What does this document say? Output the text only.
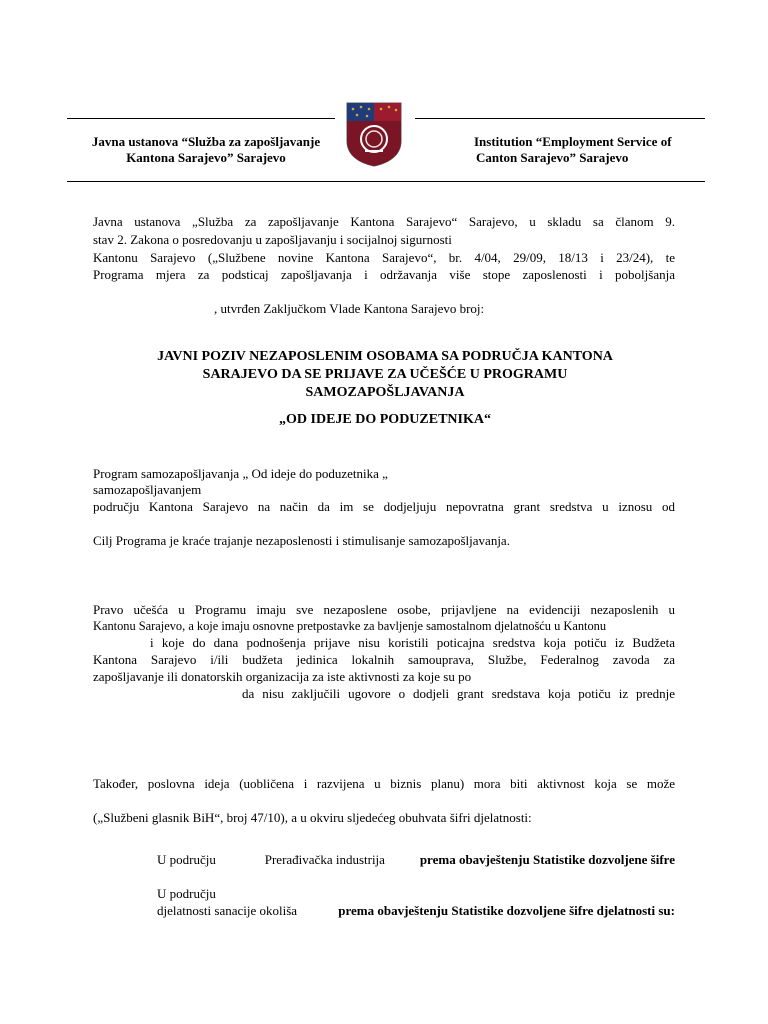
Javna ustanova “Služba za zapošljavanje
Kantona Sarajevo” Sarajevo
Institution “Employment Service of
Canton Sarajevo” Sarajevo
Javna ustanova „Služba za zapošljavanje Kantona Sarajevo“ Sarajevo, u skladu sa članom 9.
stav 2. Zakona o posredovanju u zapošljavanju i socijalnoj sigurnosti
Kantonu Sarajevo („Službene novine Kantona Sarajevo“, br. 4/04, 29/09, 18/13 i 23/24), te
Programa mjera za podsticaj zapošljavanja i održavanja više stope zaposlenosti i poboljšanja
, utvrđen Zaključkom Vlade Kantona Sarajevo broj:
JAVNI POZIV NEZAPOSLENIM OSOBAMA SA PODRUČJA KANTONA
SARAJEVO DA SE PRIJAVE ZA UČEŠĆE U PROGRAMU
SAMOZAPOŠLJAVANJA
„OD IDEJE DO PODUZETNIKA“
Program samozapošljavanja „ Od ideje do poduzetnika „
samozapošljavanjem
području Kantona Sarajevo na način da im se dodjeljuju nepovratna grant sredstva u iznosu od
Cilj Programa je kraće trajanje nezaposlenosti i stimulisanje samozapošljavanja.
Pravo učešća u Programu imaju sve nezaposlene osobe, prijavljene na evidenciji nezaposlenih u
Kantonu Sarajevo, a koje imaju osnovne pretpostavke za bavljenje samostalnom djelatnošću u Kantonu
i koje do dana podnošenja prijave nisu koristili poticajna sredstva koja potiču iz Budžeta
Kantona Sarajevo i/ili budžeta jedinica lokalnih samouprava, Službe, Federalnog zavoda za
zapošljavanje ili donatorskih organizacija za iste aktivnosti za koje su po
da nisu zaključili ugovore o dodjeli grant sredstava koja potiču iz prednje
Također, poslovna ideja (uobličena i razvijena u biznis planu) mora biti aktivnost koja se može
(„Službeni glasnik BiH“, broj 47/10), a u okviru sljedećeg obuhvata šifri djelatnosti:
U području	Prerađivačka industrija	prema obavještenju Statistike dozvoljene šifre
U području
djelatnosti sanacije okoliša	prema obavještenju Statistike dozvoljene šifre djelatnosti su:
